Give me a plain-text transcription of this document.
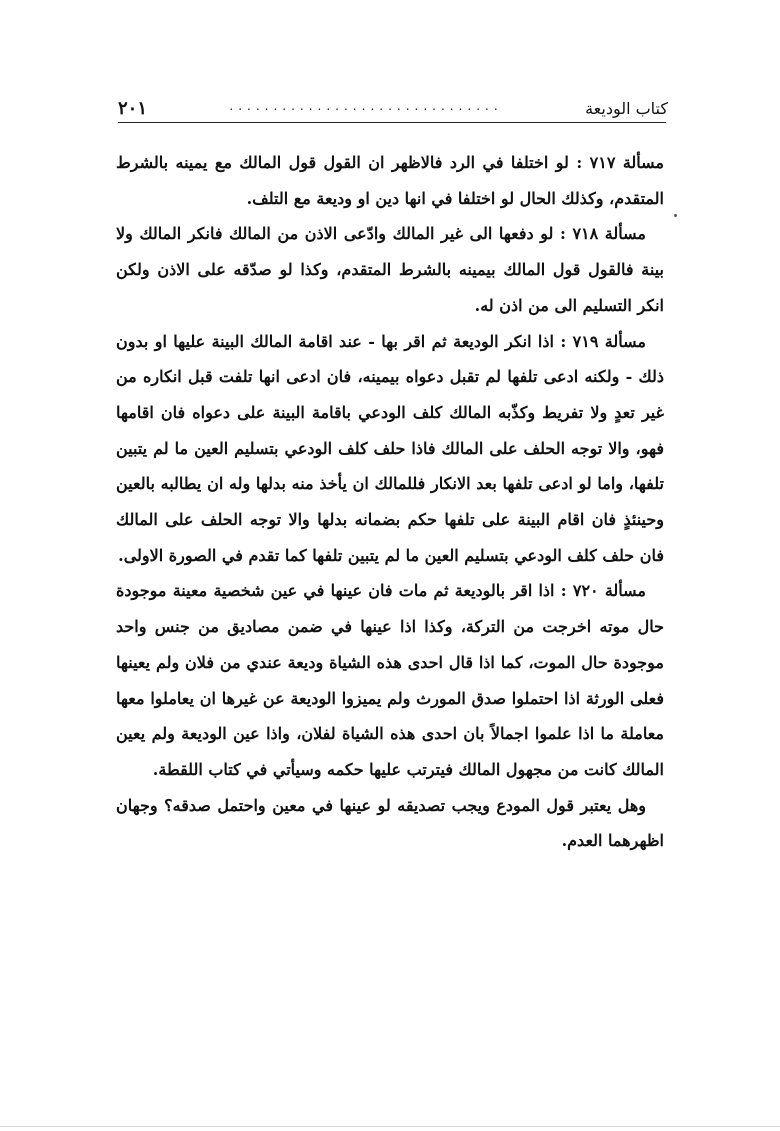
كتاب الوديعة
...............................
٢٠١

مسألة ٧١٧ : لو اختلفا في الرد فالاظهر ان القول قول المالك مع يمينه بالشرط المتقدم، وكذلك الحال لو اختلفا في انها دين او وديعة مع التلف.

مسألة ٧١٨ : لو دفعها الى غير المالك وادّعى الاذن من المالك فانكر المالك ولا بينة فالقول قول المالك بيمينه بالشرط المتقدم، وكذا لو صدّقه على الاذن ولكن انكر التسليم الى من اذن له.

مسألة ٧١٩ : اذا انكر الوديعة ثم اقر بها - عند اقامة المالك البينة عليها او بدون ذلك - ولكنه ادعى تلفها لم تقبل دعواه بيمينه، فان ادعى انها تلفت قبل انكاره من غير تعدٍ ولا تفريط وكذّبه المالك كلف الودعي باقامة البينة على دعواه فان اقامها فهو، والا توجه الحلف على المالك فاذا حلف كلف الودعي بتسليم العين ما لم يتبين تلفها، واما لو ادعى تلفها بعد الانكار فللمالك ان يأخذ منه بدلها وله ان يطالبه بالعين وحينئذٍ فان اقام البينة على تلفها حكم بضمانه بدلها والا توجه الحلف على المالك فان حلف كلف الودعي بتسليم العين ما لم يتبين تلفها كما تقدم في الصورة الاولى.

مسألة ٧٢٠ : اذا اقر بالوديعة ثم مات فان عينها في عين شخصية معينة موجودة حال موته اخرجت من التركة، وكذا اذا عينها في ضمن مصاديق من جنس واحد موجودة حال الموت، كما اذا قال احدى هذه الشياة وديعة عندي من فلان ولم يعينها فعلى الورثة اذا احتملوا صدق المورث ولم يميزوا الوديعة عن غيرها ان يعاملوا معها معاملة ما اذا علموا اجمالاً بان احدى هذه الشياة لفلان، واذا عين الوديعة ولم يعين المالك كانت من مجهول المالك فيترتب عليها حكمه وسيأتي في كتاب اللقطة.

وهل يعتبر قول المودع ويجب تصديقه لو عينها في معين واحتمل صدقه؟ وجهان اظهرهما العدم.
